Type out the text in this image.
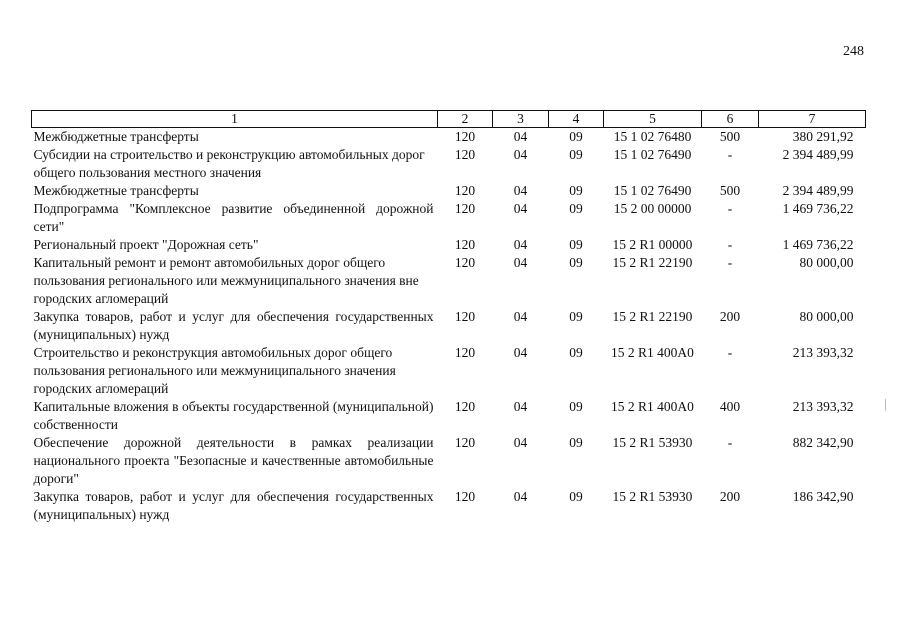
248
1	2	3	4	5	6	7
Межбюджетные трансферты	120	04	09	15 1 02 76480	500	380 291,92
Субсидии на строительство и реконструкцию автомобильных дорог общего пользования местного значения	120	04	09	15 1 02 76490	-	2 394 489,99
Межбюджетные трансферты	120	04	09	15 1 02 76490	500	2 394 489,99
Подпрограмма "Комплексное развитие объединенной дорожной сети"	120	04	09	15 2 00 00000	-	1 469 736,22
Региональный проект "Дорожная сеть"	120	04	09	15 2 R1 00000	-	1 469 736,22
Капитальный ремонт и ремонт автомобильных дорог общего пользования регионального или межмуниципального значения вне городских агломераций	120	04	09	15 2 R1 22190	-	80 000,00
Закупка товаров, работ и услуг для обеспечения государственных (муниципальных) нужд	120	04	09	15 2 R1 22190	200	80 000,00
Строительство и реконструкция автомобильных дорог общего пользования регионального или межмуниципального значения городских агломераций	120	04	09	15 2 R1 400A0	-	213 393,32
Капитальные вложения в объекты государственной (муниципальной) собственности	120	04	09	15 2 R1 400A0	400	213 393,32
Обеспечение дорожной деятельности в рамках реализации национального проекта "Безопасные и качественные автомобильные дороги"	120	04	09	15 2 R1 53930	-	882 342,90
Закупка товаров, работ и услуг для обеспечения государственных (муниципальных) нужд	120	04	09	15 2 R1 53930	200	186 342,90
